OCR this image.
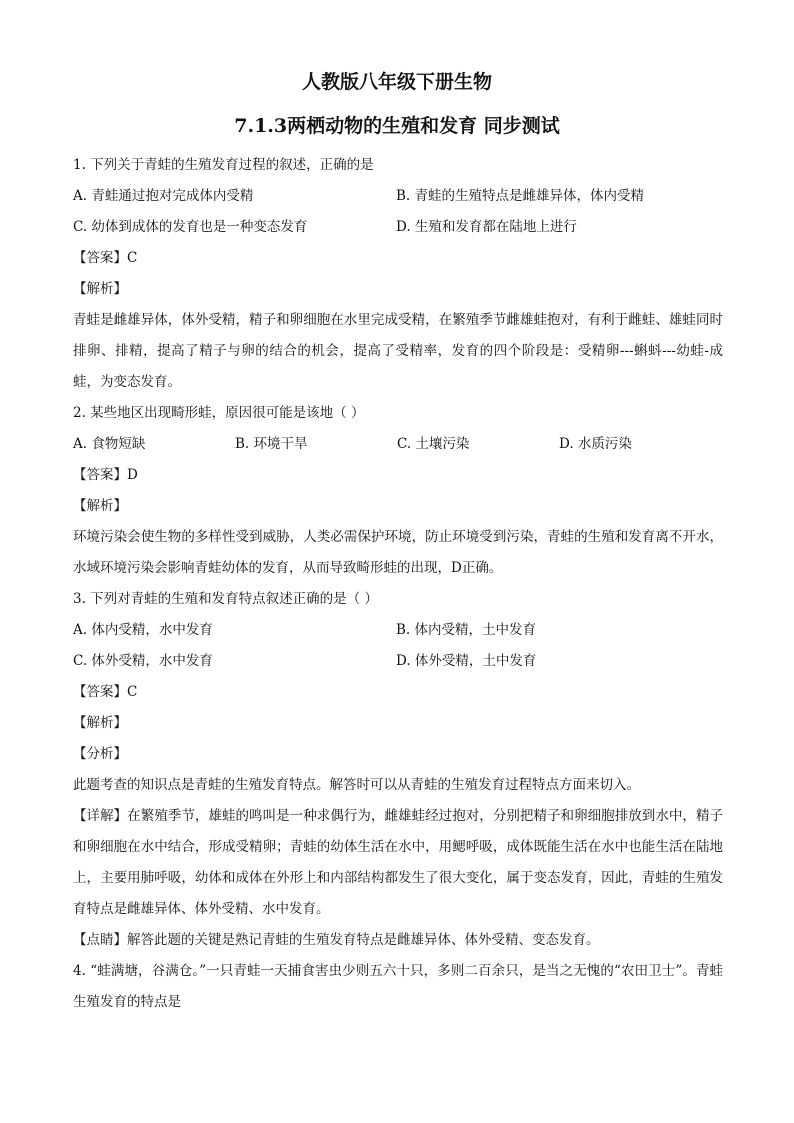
人教版八年级下册生物
7.1.3两栖动物的生殖和发育 同步测试
1. 下列关于青蛙的生殖发育过程的叙述，正确的是
A. 青蛙通过抱对完成体内受精	B. 青蛙的生殖特点是雌雄异体，体内受精
C. 幼体到成体的发育也是一种变态发育	D. 生殖和发育都在陆地上进行
【答案】C
【解析】
青蛙是雌雄异体，体外受精，精子和卵细胞在水里完成受精，在繁殖季节雌雄蛙抱对，有利于雌蛙、雄蛙同时排卵、排精，提高了精子与卵的结合的机会，提高了受精率，发育的四个阶段是：受精卵---蝌蚪---幼蛙-成蛙，为变态发育。
2. 某些地区出现畸形蛙，原因很可能是该地（ ）
A. 食物短缺	B. 环境干旱	C. 土壤污染	D. 水质污染
【答案】D
【解析】
环境污染会使生物的多样性受到威胁，人类必需保护环境，防止环境受到污染，青蛙的生殖和发育离不开水，水域环境污染会影响青蛙幼体的发育，从而导致畸形蛙的出现，D正确。
3. 下列对青蛙的生殖和发育特点叙述正确的是（ ）
A. 体内受精，水中发育	B. 体内受精，土中发育
C. 体外受精，水中发育	D. 体外受精，土中发育
【答案】C
【解析】
【分析】
此题考查的知识点是青蛙的生殖发育特点。解答时可以从青蛙的生殖发育过程特点方面来切入。
【详解】在繁殖季节，雄蛙的鸣叫是一种求偶行为，雌雄蛙经过抱对，分别把精子和卵细胞排放到水中，精子和卵细胞在水中结合，形成受精卵；青蛙的幼体生活在水中，用鳃呼吸，成体既能生活在水中也能生活在陆地上，主要用肺呼吸，幼体和成体在外形上和内部结构都发生了很大变化，属于变态发育，因此，青蛙的生殖发育特点是雌雄异体、体外受精、水中发育。
【点睛】解答此题的关键是熟记青蛙的生殖发育特点是雌雄异体、体外受精、变态发育。
4. “蛙满塘，谷满仓。”一只青蛙一天捕食害虫少则五六十只，多则二百余只，是当之无愧的“农田卫士”。青蛙生殖发育的特点是
